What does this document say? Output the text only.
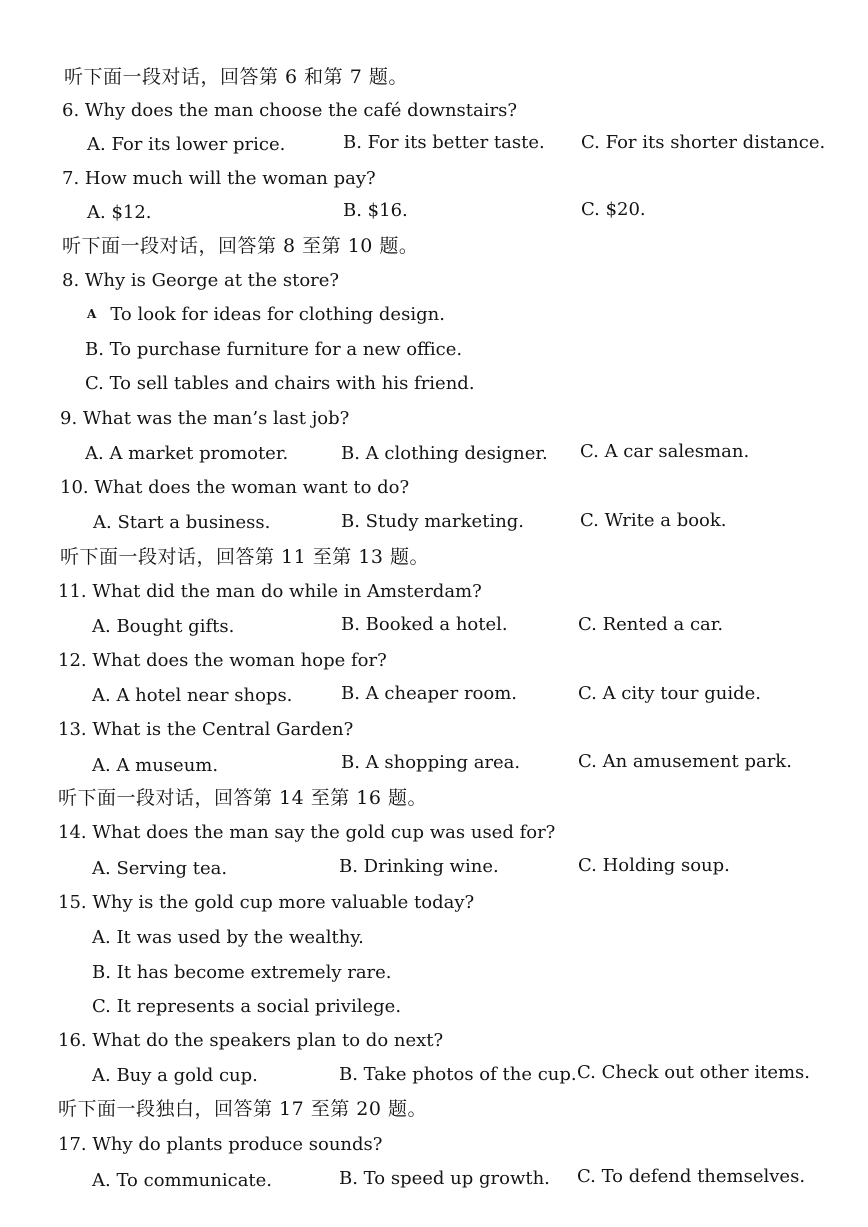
听下面一段对话，回答第 6 和第 7 题。
6. Why does the man choose the café downstairs?
A. For its lower price.	B. For its better taste. C. For its shorter distance.
7. How much will the woman pay?
A. $12.	B. $16.	C. $20.
听下面一段对话，回答第 8 至第 10 题。
8. Why is George at the store?
A To look for ideas for clothing design.
B. To purchase furniture for a new office.
C. To sell tables and chairs with his friend.
9. What was the man’s last job?
A. A market promoter.	B. A clothing designer. C. A car salesman.
10. What does the woman want to do?
A. Start a business.	B. Study marketing.	C. Write a book.
听下面一段对话，回答第 11 至第 13 题。
11. What did the man do while in Amsterdam?
A. Bought gifts.	B. Booked a hotel.	C. Rented a car.
12. What does the woman hope for?
A. A hotel near shops.	B. A cheaper room.	C. A city tour guide.
13. What is the Central Garden?
A. A museum.	B. A shopping area.	C. An amusement park.
听下面一段对话，回答第 14 至第 16 题。
14. What does the man say the gold cup was used for?
A. Serving tea.	B. Drinking wine.	C. Holding soup.
15. Why is the gold cup more valuable today?
A. It was used by the wealthy.
B. It has become extremely rare.
C. It represents a social privilege.
16. What do the speakers plan to do next?
A. Buy a gold cup.	B. Take photos of the cup. C. Check out other items.
听下面一段独白，回答第 17 至第 20 题。
17. Why do plants produce sounds?
A. To communicate.	B. To speed up growth. C. To defend themselves.
